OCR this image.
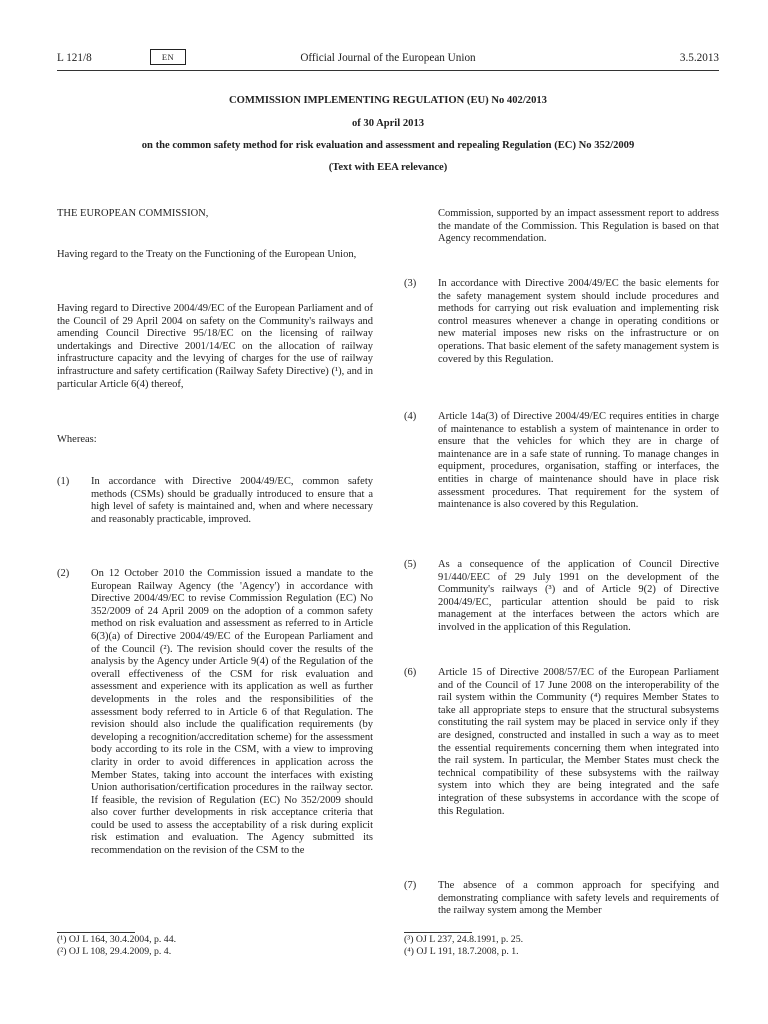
L 121/8	EN	Official Journal of the European Union	3.5.2013
COMMISSION IMPLEMENTING REGULATION (EU) No 402/2013
of 30 April 2013
on the common safety method for risk evaluation and assessment and repealing Regulation (EC) No 352/2009
(Text with EEA relevance)

THE EUROPEAN COMMISSION,

Having regard to the Treaty on the Functioning of the European Union,

Having regard to Directive 2004/49/EC of the European Parliament and of the Council of 29 April 2004 on safety on the Community's railways and amending Council Directive 95/18/EC on the licensing of railway undertakings and Directive 2001/14/EC on the allocation of railway infrastructure capacity and the levying of charges for the use of railway infrastructure and safety certification (Railway Safety Directive) (¹), and in particular Article 6(4) thereof,

Whereas:

(1) In accordance with Directive 2004/49/EC, common safety methods (CSMs) should be gradually introduced to ensure that a high level of safety is maintained and, when and where necessary and reasonably practicable, improved.

(2) On 12 October 2010 the Commission issued a mandate to the European Railway Agency (the 'Agency') in accordance with Directive 2004/49/EC to revise Commission Regulation (EC) No 352/2009 of 24 April 2009 on the adoption of a common safety method on risk evaluation and assessment as referred to in Article 6(3)(a) of Directive 2004/49/EC of the European Parliament and of the Council (²). The revision should cover the results of the analysis by the Agency under Article 9(4) of the Regulation of the overall effectiveness of the CSM for risk evaluation and assessment and experience with its application as well as further developments in the roles and the responsibilities of the assessment body referred to in Article 6 of that Regulation. The revision should also include the qualification requirements (by developing a recognition/accreditation scheme) for the assessment body according to its role in the CSM, with a view to improving clarity in order to avoid differences in application across the Member States, taking into account the interfaces with existing Union authorisation/certification procedures in the railway sector. If feasible, the revision of Regulation (EC) No 352/2009 should also cover further developments in risk acceptance criteria that could be used to assess the acceptability of a risk during explicit risk estimation and evaluation. The Agency submitted its recommendation on the revision of the CSM to the

(¹) OJ L 164, 30.4.2004, p. 44.
(²) OJ L 108, 29.4.2009, p. 4.

Commission, supported by an impact assessment report to address the mandate of the Commission. This Regulation is based on that Agency recommendation.

(3) In accordance with Directive 2004/49/EC the basic elements for the safety management system should include procedures and methods for carrying out risk evaluation and implementing risk control measures whenever a change in operating conditions or new material imposes new risks on the infrastructure or on operations. That basic element of the safety management system is covered by this Regulation.

(4) Article 14a(3) of Directive 2004/49/EC requires entities in charge of maintenance to establish a system of maintenance in order to ensure that the vehicles for which they are in charge of maintenance are in a safe state of running. To manage changes in equipment, procedures, organisation, staffing or interfaces, the entities in charge of maintenance should have in place risk assessment procedures. That requirement for the system of maintenance is also covered by this Regulation.

(5) As a consequence of the application of Council Directive 91/440/EEC of 29 July 1991 on the development of the Community's railways (³) and of Article 9(2) of Directive 2004/49/EC, particular attention should be paid to risk management at the interfaces between the actors which are involved in the application of this Regulation.

(6) Article 15 of Directive 2008/57/EC of the European Parliament and of the Council of 17 June 2008 on the interoperability of the rail system within the Community (⁴) requires Member States to take all appropriate steps to ensure that the structural subsystems constituting the rail system may be placed in service only if they are designed, constructed and installed in such a way as to meet the essential requirements concerning them when integrated into the rail system. In particular, the Member States must check the technical compatibility of these subsystems with the railway system into which they are being integrated and the safe integration of these subsystems in accordance with the scope of this Regulation.

(7) The absence of a common approach for specifying and demonstrating compliance with safety levels and requirements of the railway system among the Member

(³) OJ L 237, 24.8.1991, p. 25.
(⁴) OJ L 191, 18.7.2008, p. 1.
